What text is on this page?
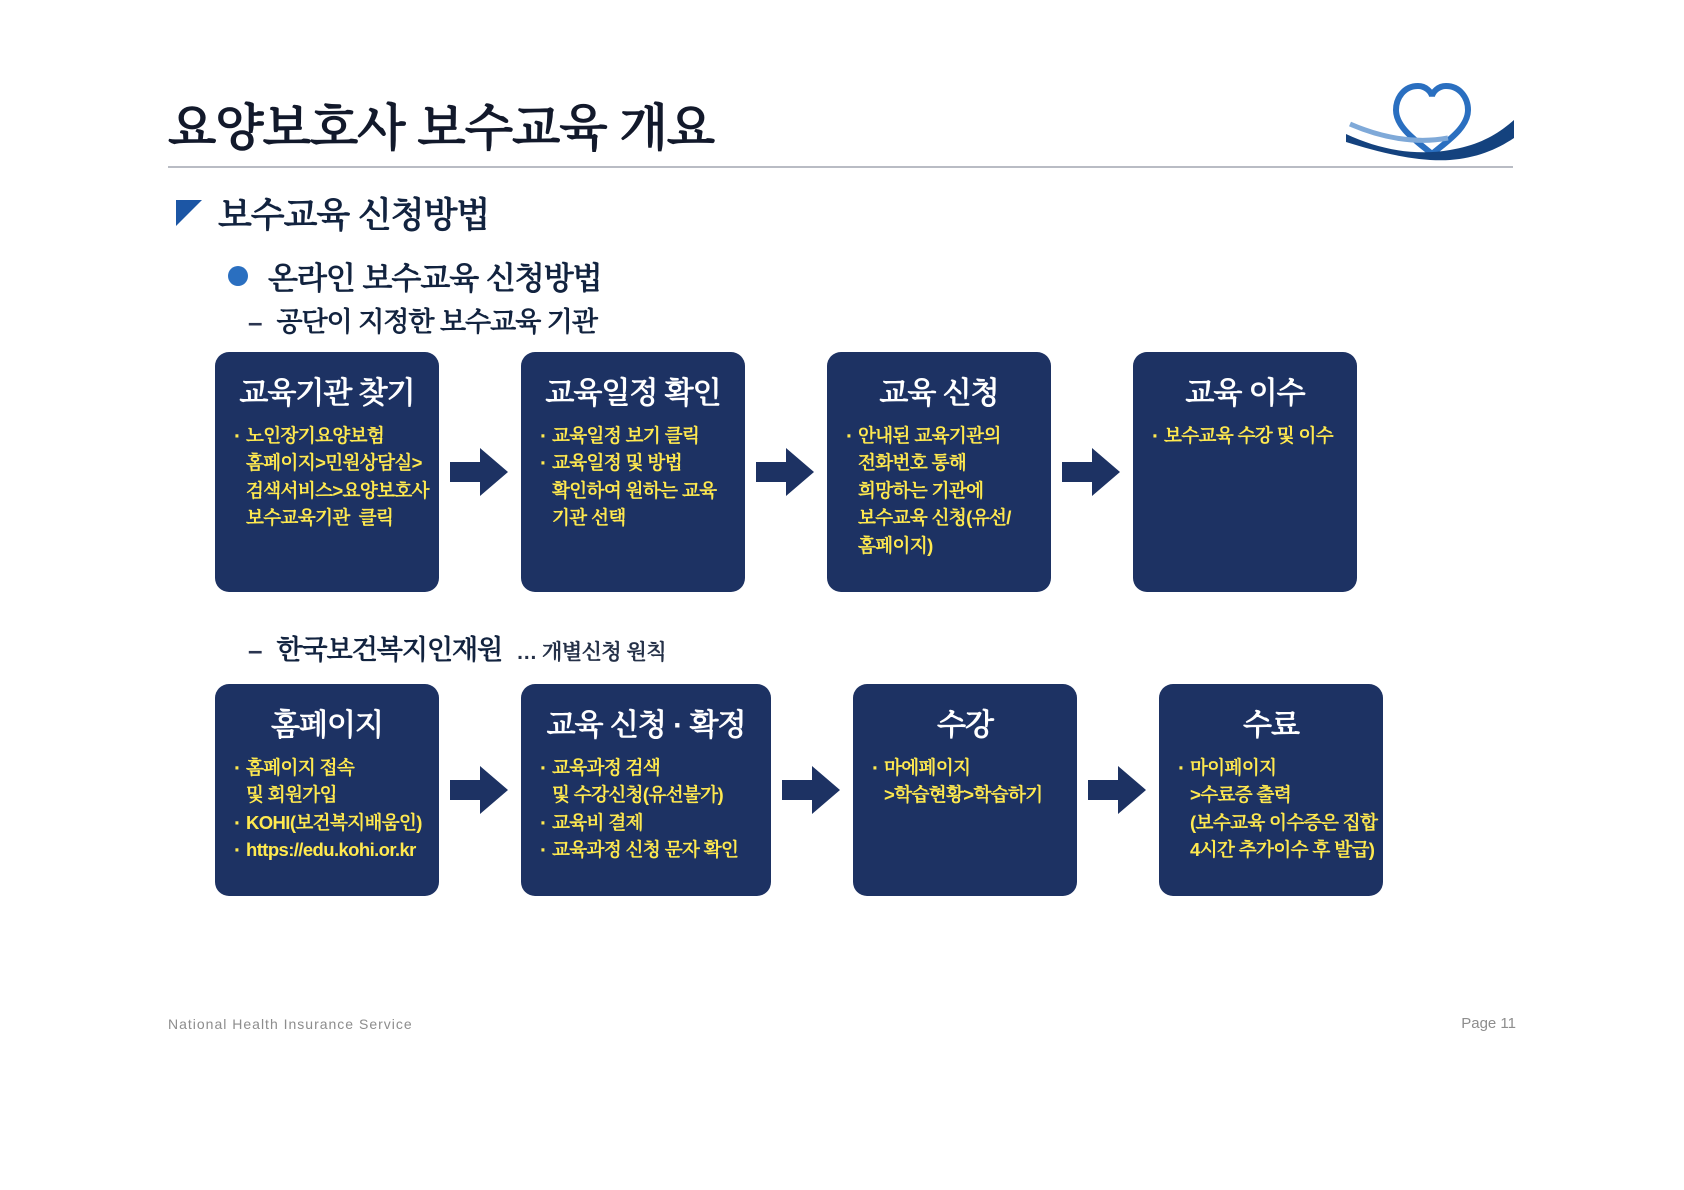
요양보호사 보수교육 개요
보수교육 신청방법
온라인 보수교육 신청방법
– 공단이 지정한 보수교육 기관
– 한국보건복지인재원 … 개별신청 원칙
교육기관 찾기
· 노인장기요양보험
홈페이지>민원상담실>
검색서비스>요양보호사
보수교육기관  클릭
교육일정 확인
· 교육일정 보기 클릭
· 교육일정 및 방법
확인하여 원하는 교육
기관 선택
교육 신청
· 안내된 교육기관의
전화번호 통해
희망하는 기관에
보수교육 신청(유선/
홈페이지)
교육 이수
· 보수교육 수강 및 이수
홈페이지
· 홈페이지 접속
및 회원가입
· KOHI(보건복지배움인)
· https://edu.kohi.or.kr
교육 신청 · 확정
· 교육과정 검색
및 수강신청(유선불가)
· 교육비 결제
· 교육과정 신청 문자 확인
수강
· 마에페이지
>학습현황>학습하기
수료
· 마이페이지
>수료증 출력
(보수교육 이수증은 집합
4시간 추가이수 후 발급)
National Health Insurance Service	Page 11
